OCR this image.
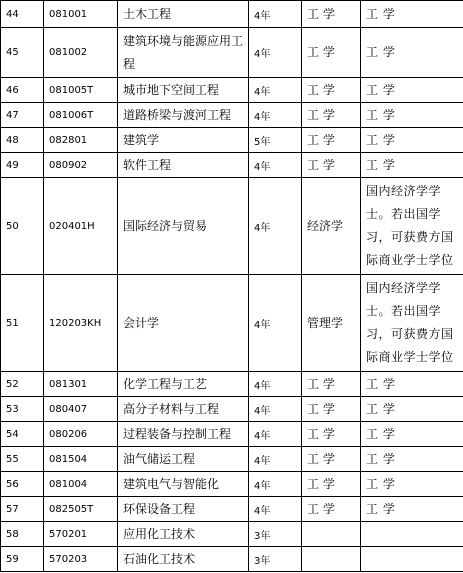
44	081001	土木工程	4年	工 学	工 学
45	081002	建筑环境与能源应用工程	4年	工 学	工 学
46	081005T	城市地下空间工程	4年	工 学	工 学
47	081006T	道路桥梁与渡河工程	4年	工 学	工 学
48	082801	建筑学	5年	工 学	工 学
49	080902	软件工程	4年	工 学	工 学
50	020401H	国际经济与贸易	4年	经济学	国内经济学学士。若出国学习，可获费方国际商业学士学位
51	120203KH	会计学	4年	管理学	国内经济学学士。若出国学习，可获费方国际商业学士学位
52	081301	化学工程与工艺	4年	工 学	工 学
53	080407	高分子材料与工程	4年	工 学	工 学
54	080206	过程装备与控制工程	4年	工 学	工 学
55	081504	油气储运工程	4年	工 学	工 学
56	081004	建筑电气与智能化	4年	工 学	工 学
57	082505T	环保设备工程	4年	工 学	工 学
58	570201	应用化工技术	3年		
59	570203	石油化工技术	3年		
